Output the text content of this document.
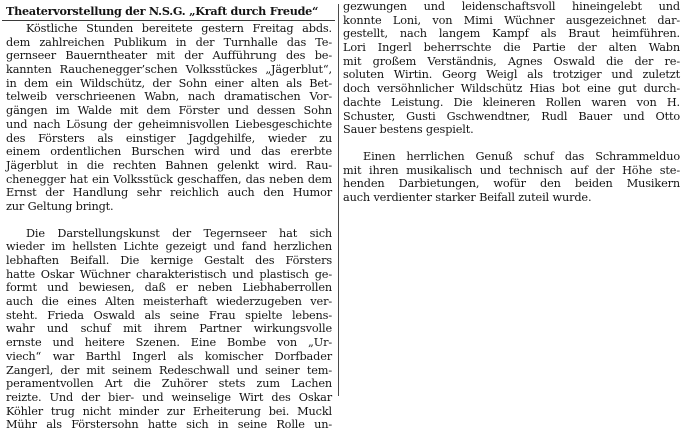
Theatervorstellung der N.S.G. „Kraft durch Freude“
Köstliche Stunden bereitete gestern Freitag abds.
dem zahlreichen Publikum in der Turnhalle das Te-
gernseer Bauerntheater mit der Aufführung des be-
kannten Rauchenegger’schen Volksstückes „Jägerblut“,
in dem ein Wildschütz, der Sohn einer alten als Bet-
telweib verschrieenen Wabn, nach dramatischen Vor-
gängen im Walde mit dem Förster und dessen Sohn
und nach Lösung der geheimnisvollen Liebesgeschichte
des Försters als einstiger Jagdgehilfe, wieder zu
einem ordentlichen Burschen wird und das ererbte
Jägerblut in die rechten Bahnen gelenkt wird. Rau-
chenegger hat ein Volksstück geschaffen, das neben dem
Ernst der Handlung sehr reichlich auch den Humor
zur Geltung bringt.
Die Darstellungskunst der Tegernseer hat sich
wieder im hellsten Lichte gezeigt und fand herzlichen
lebhaften Beifall. Die kernige Gestalt des Försters
hatte Oskar Wüchner charakteristisch und plastisch ge-
formt und bewiesen, daß er neben Liebhaberrollen
auch die eines Alten meisterhaft wiederzugeben ver-
steht. Frieda Oswald als seine Frau spielte lebens-
wahr und schuf mit ihrem Partner wirkungsvolle
ernste und heitere Szenen. Eine Bombe von „Ur-
viech“ war Barthl Ingerl als komischer Dorfbader
Zangerl, der mit seinem Redeschwall und seiner tem-
peramentvollen Art die Zuhörer stets zum Lachen
reizte. Und der bier- und weinselige Wirt des Oskar
Köhler trug nicht minder zur Erheiterung bei. Muckl
Mühr als Förstersohn hatte sich in seine Rolle un-
gezwungen und leidenschaftsvoll hineingelebt und
konnte Loni, von Mimi Wüchner ausgezeichnet dar-
gestellt, nach langem Kampf als Braut heimführen.
Lori Ingerl beherrschte die Partie der alten Wabn
mit großem Verständnis, Agnes Oswald die der re-
soluten Wirtin. Georg Weigl als trotziger und zuletzt
doch versöhnlicher Wildschütz Hias bot eine gut durch-
dachte Leistung. Die kleineren Rollen waren von H.
Schuster, Gusti Gschwendtner, Rudl Bauer und Otto
Sauer bestens gespielt.
Einen herrlichen Genuß schuf das Schrammelduo
mit ihren musikalisch und technisch auf der Höhe ste-
henden Darbietungen, wofür den beiden Musikern
auch verdienter starker Beifall zuteil wurde.
